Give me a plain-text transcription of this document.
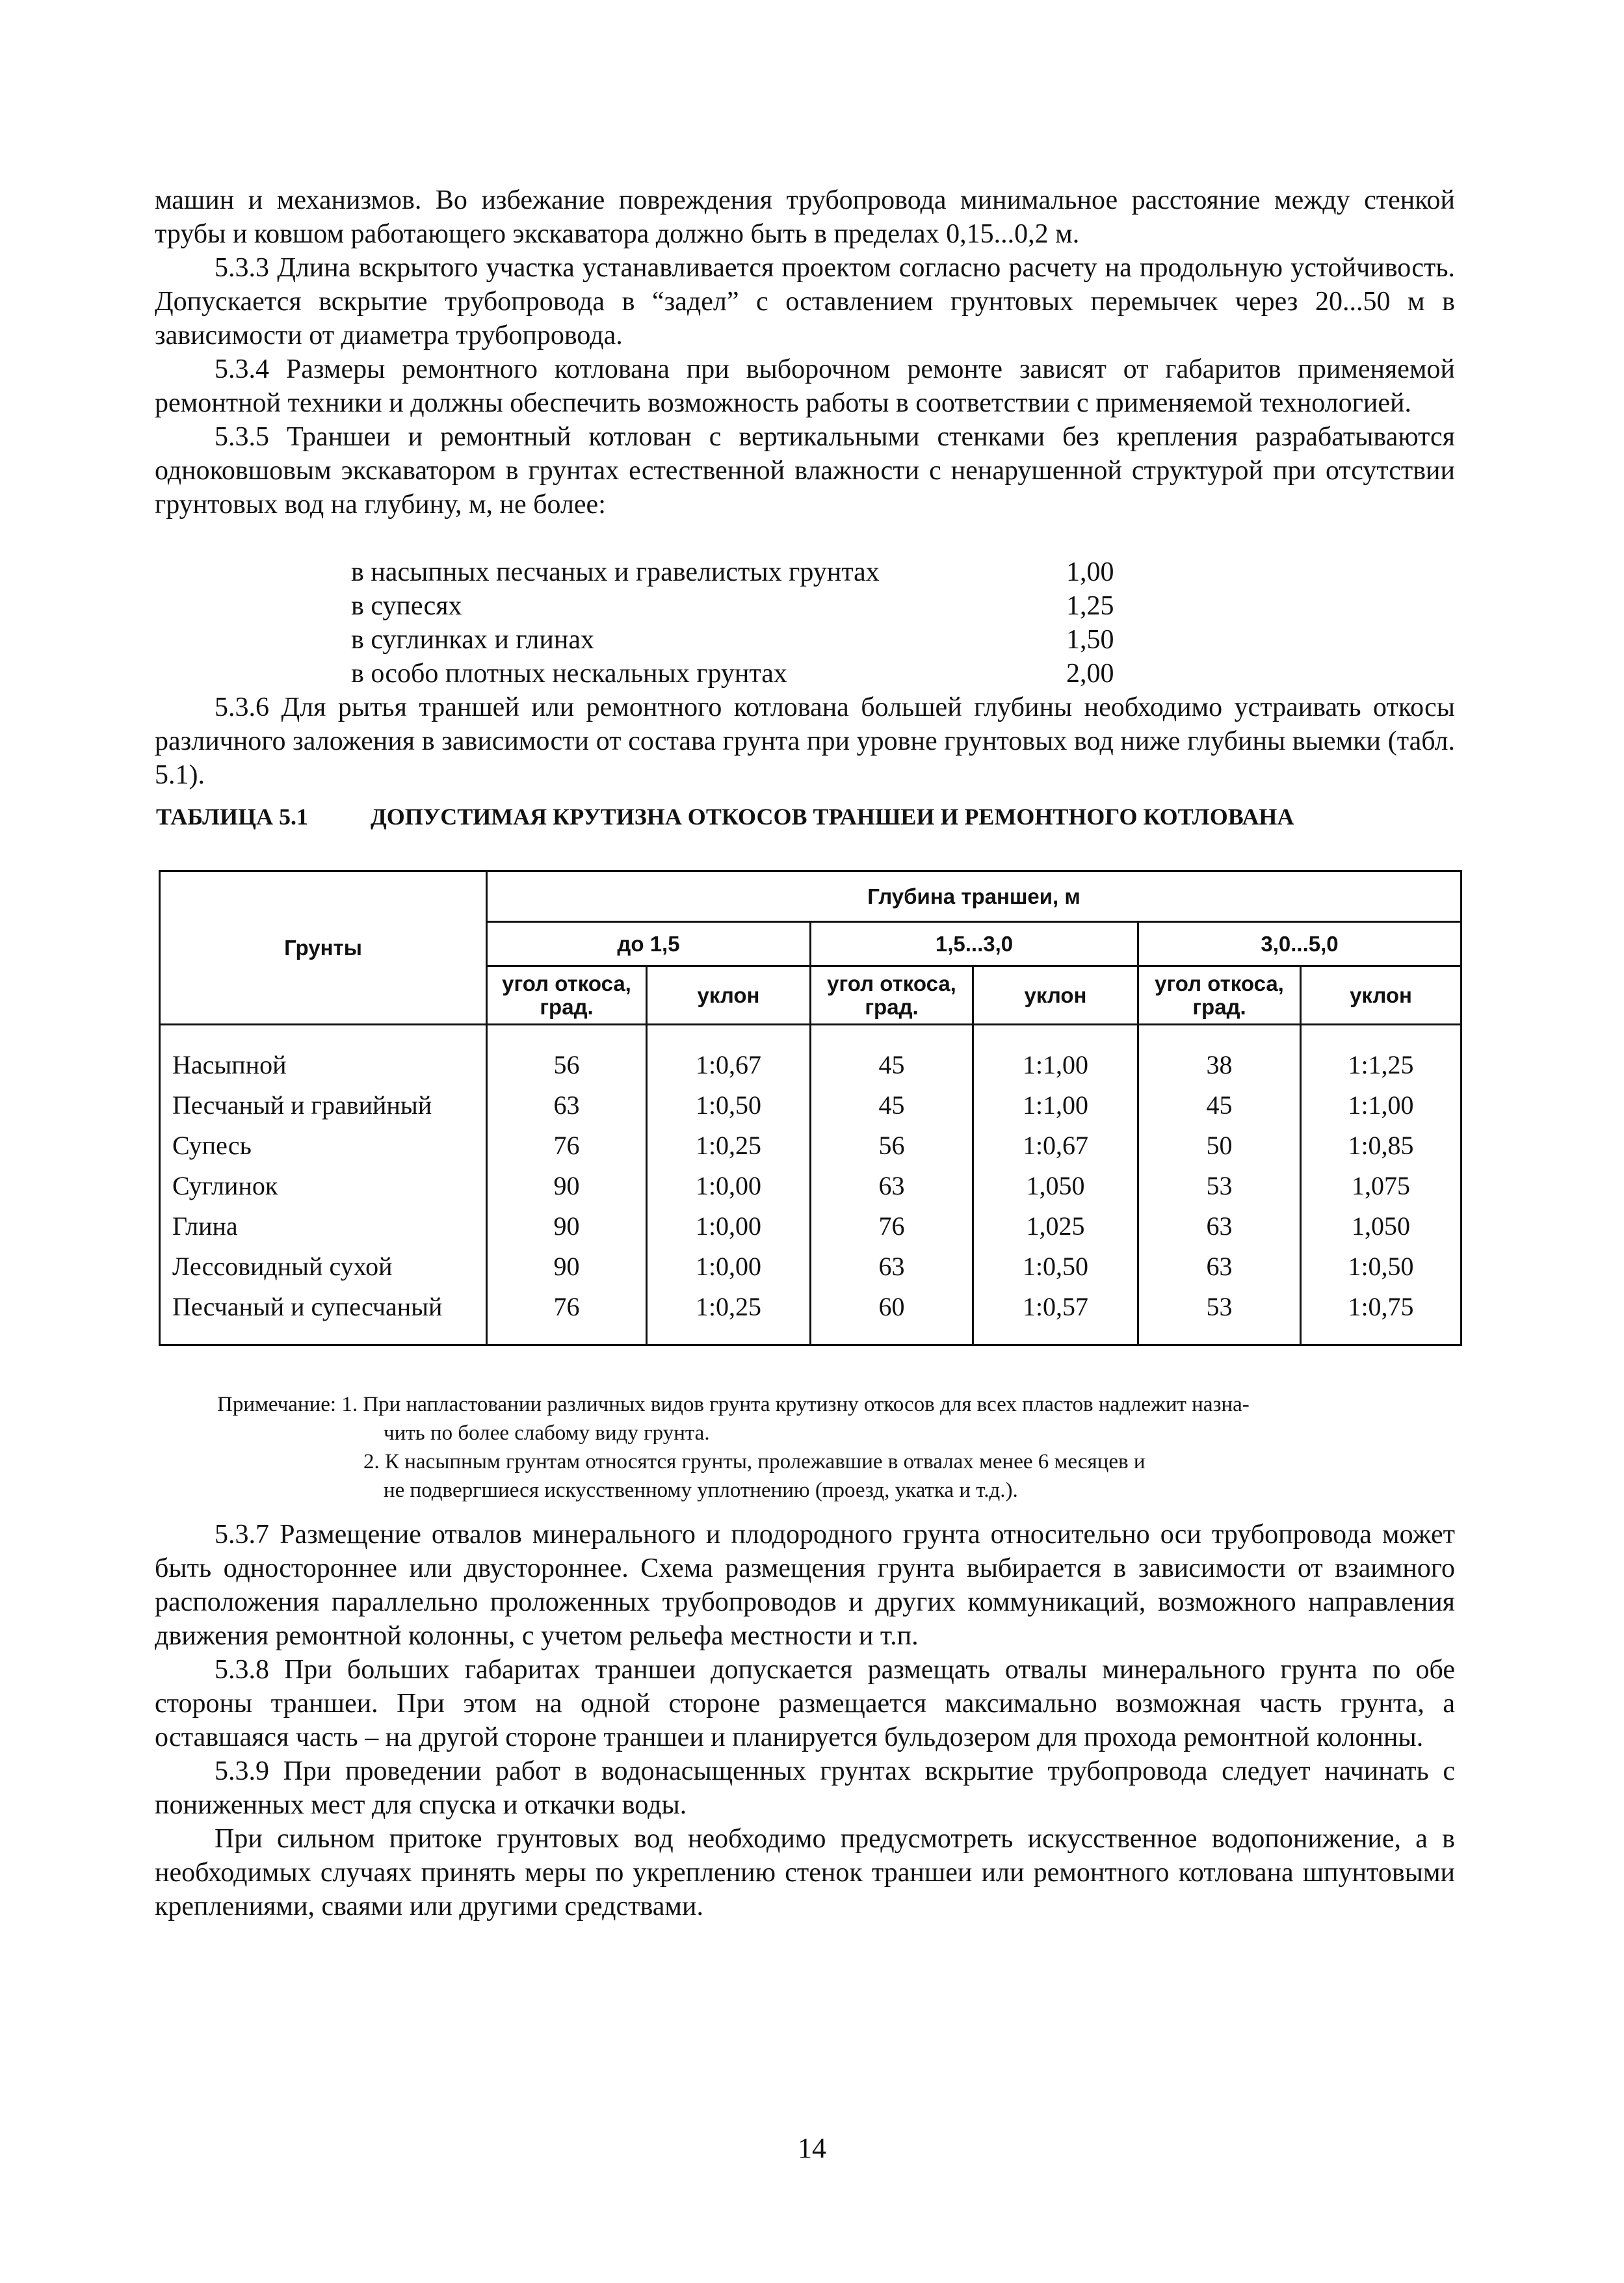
машин и механизмов. Во избежание повреждения трубопровода минимальное расстояние между стенкой трубы и ковшом работающего экскаватора должно быть в пределах 0,15...0,2 м.

5.3.3 Длина вскрытого участка устанавливается проектом согласно расчету на продольную устойчивость. Допускается вскрытие трубопровода в “задел” с оставлением грунтовых перемычек через 20...50 м в зависимости от диаметра трубопровода.

5.3.4 Размеры ремонтного котлована при выборочном ремонте зависят от габаритов применяемой ремонтной техники и должны обеспечить возможность работы в соответствии с применяемой технологией.

5.3.5 Траншеи и ремонтный котлован с вертикальными стенками без крепления разрабатываются одноковшовым экскаватором в грунтах естественной влажности с ненарушенной структурой при отсутствии грунтовых вод на глубину, м, не более:

в насыпных песчаных и гравелистых грунтах	1,00
в супесях	1,25
в суглинках и глинах	1,50
в особо плотных нескальных грунтах	2,00

5.3.6 Для рытья траншей или ремонтного котлована большей глубины необходимо устраивать откосы различного заложения в зависимости от состава грунта при уровне грунтовых вод ниже глубины выемки (табл. 5.1).

ТАБЛИЦА 5.1	ДОПУСТИМАЯ КРУТИЗНА ОТКОСОВ ТРАНШЕИ И РЕМОНТНОГО КОТЛОВАНА
Грунты	Глубина траншеи, м					
	до 1,5		1,5...3,0		3,0...5,0	
	угол откоса, град.	уклон	угол откоса, град.	уклон	угол откоса, град.	уклон
Насыпной	56	1:0,67	45	1:1,00	38	1:1,25
Песчаный и гравийный	63	1:0,50	45	1:1,00	45	1:1,00
Супесь	76	1:0,25	56	1:0,67	50	1:0,85
Суглинок	90	1:0,00	63	1,050	53	1,075
Глина	90	1:0,00	76	1,025	63	1,050
Лессовидный сухой	90	1:0,00	63	1:0,50	63	1:0,50
Песчаный и супесчаный	76	1:0,25	60	1:0,57	53	1:0,75
Примечание: 1. При напластовании различных видов грунта крутизну откосов для всех пластов надлежит назна-
чить по более слабому виду грунта.
2. К насыпным грунтам относятся грунты, пролежавшие в отвалах менее 6 месяцев и
не подвергшиеся искусственному уплотнению (проезд, укатка и т.д.).

5.3.7 Размещение отвалов минерального и плодородного грунта относительно оси трубопровода может быть одностороннее или двустороннее. Схема размещения грунта выбирается в зависимости от взаимного расположения параллельно проложенных трубопроводов и других коммуникаций, возможного направления движения ремонтной колонны, с учетом рельефа местности и т.п.

5.3.8 При больших габаритах траншеи допускается размещать отвалы минерального грунта по обе стороны траншеи. При этом на одной стороне размещается максимально возможная часть грунта, а оставшаяся часть – на другой стороне траншеи и планируется бульдозером для прохода ремонтной колонны.

5.3.9 При проведении работ в водонасыщенных грунтах вскрытие трубопровода следует начинать с пониженных мест для спуска и откачки воды.

При сильном притоке грунтовых вод необходимо предусмотреть искусственное водопонижение, а в необходимых случаях принять меры по укреплению стенок траншеи или ремонтного котлована шпунтовыми креплениями, сваями или другими средствами.

14
